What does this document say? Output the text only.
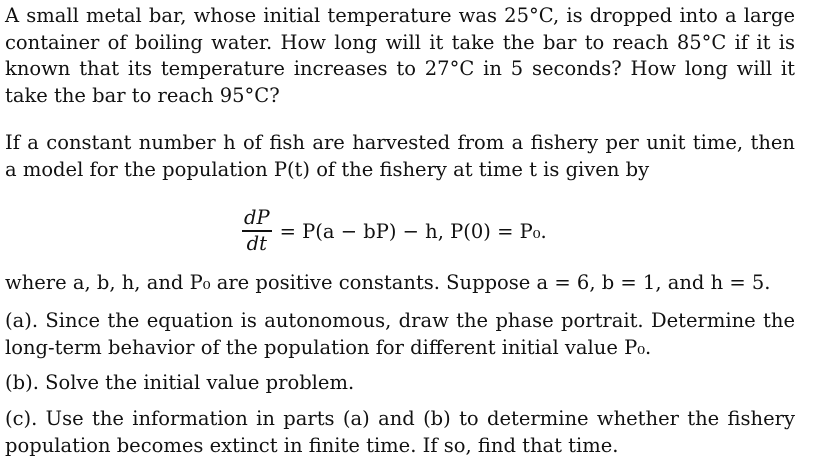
A small metal bar, whose initial temperature was 25°C, is dropped into a large container of boiling water. How long will it take the bar to reach 85°C if it is known that its temperature increases to 27°C in 5 seconds? How long will it take the bar to reach 95°C?

If a constant number h of fish are harvested from a fishery per unit time, then a model for the population P(t) of the fishery at time t is given by

$\frac{dP}{dt} = P(a - bP) - h$, P(0) = P₀.

where a, b, h, and P₀ are positive constants. Suppose a = 6, b = 1, and h = 5.

(a). Since the equation is autonomous, draw the phase portrait. Determine the long-term behavior of the population for different initial value P₀.

(b). Solve the initial value problem.

(c). Use the information in parts (a) and (b) to determine whether the fishery population becomes extinct in finite time. If so, find that time.
